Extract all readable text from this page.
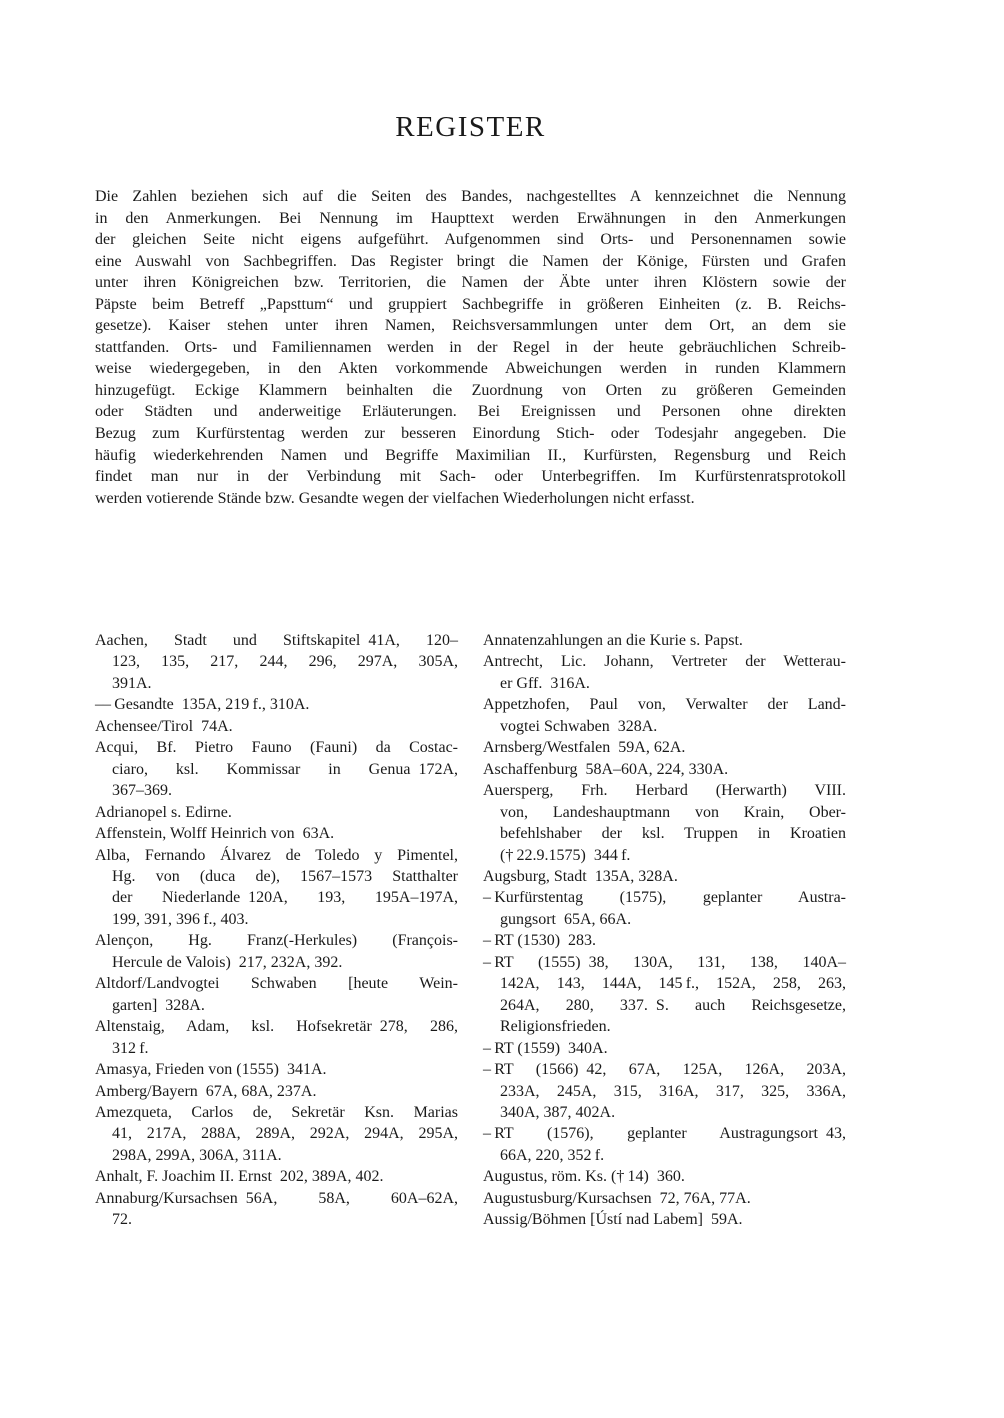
REGISTER
Die Zahlen beziehen sich auf die Seiten des Bandes, nachgestelltes A kennzeichnet die Nennung
in den Anmerkungen. Bei Nennung im Haupttext werden Erwähnungen in den Anmerkungen
der gleichen Seite nicht eigens aufgeführt. Aufgenommen sind Orts- und Personennamen sowie
eine Auswahl von Sachbegriffen. Das Register bringt die Namen der Könige, Fürsten und Grafen
unter ihren Königreichen bzw. Territorien, die Namen der Äbte unter ihren Klöstern sowie der
Päpste beim Betreff „Papsttum“ und gruppiert Sachbegriffe in größeren Einheiten (z. B. Reichs-
gesetze). Kaiser stehen unter ihren Namen, Reichsversammlungen unter dem Ort, an dem sie
stattfanden. Orts- und Familiennamen werden in der Regel in der heute gebräuchlichen Schreib-
weise wiedergegeben, in den Akten vorkommende Abweichungen werden in runden Klammern
hinzugefügt. Eckige Klammern beinhalten die Zuordnung von Orten zu größeren Gemeinden
oder Städten und anderweitige Erläuterungen. Bei Ereignissen und Personen ohne direkten
Bezug zum Kurfürstentag werden zur besseren Einordung Stich- oder Todesjahr angegeben. Die
häufig wiederkehrenden Namen und Begriffe Maximilian II., Kurfürsten, Regensburg und Reich
findet man nur in der Verbindung mit Sach- oder Unterbegriffen. Im Kurfürstenratsprotokoll
werden votierende Stände bzw. Gesandte wegen der vielfachen Wiederholungen nicht erfasst.
Aachen, Stadt und Stiftskapitel 41A, 120–
123, 135, 217, 244, 296, 297A, 305A,
391A.
–– Gesandte 135A, 219 f., 310A.
Achensee/Tirol 74A.
Acqui, Bf. Pietro Fauno (Fauni) da Costac-
ciaro, ksl. Kommissar in Genua 172A,
367–369.
Adrianopel s. Edirne.
Affenstein, Wolff Heinrich von 63A.
Alba, Fernando Álvarez de Toledo y Pimentel,
Hg. von (duca de), 1567–1573 Statthalter
der Niederlande 120A, 193, 195A–197A,
199, 391, 396 f., 403.
Alençon, Hg. Franz(-Herkules) (François-
Hercule de Valois) 217, 232A, 392.
Altdorf/Landvogtei Schwaben [heute Wein-
garten] 328A.
Altenstaig, Adam, ksl. Hofsekretär 278, 286,
312 f.
Amasya, Frieden von (1555) 341A.
Amberg/Bayern 67A, 68A, 237A.
Amezqueta, Carlos de, Sekretär Ksn. Marias
41, 217A, 288A, 289A, 292A, 294A, 295A,
298A, 299A, 306A, 311A.
Anhalt, F. Joachim II. Ernst 202, 389A, 402.
Annaburg/Kursachsen 56A, 58A, 60A–62A,
72.
Annatenzahlungen an die Kurie s. Papst.
Antrecht, Lic. Johann, Vertreter der Wetterau-
er Gff. 316A.
Appetzhofen, Paul von, Verwalter der Land-
vogtei Schwaben 328A.
Arnsberg/Westfalen 59A, 62A.
Aschaffenburg 58A–60A, 224, 330A.
Auersperg, Frh. Herbard (Herwarth) VIII.
von, Landeshauptmann von Krain, Ober-
befehlshaber der ksl. Truppen in Kroatien
(† 22.9.1575) 344 f.
Augsburg, Stadt 135A, 328A.
– Kurfürstentag (1575), geplanter Austra-
gungsort 65A, 66A.
– RT (1530) 283.
– RT (1555) 38, 130A, 131, 138, 140A–
142A, 143, 144A, 145 f., 152A, 258, 263,
264A, 280, 337. S. auch Reichsgesetze,
Religionsfrieden.
– RT (1559) 340A.
– RT (1566) 42, 67A, 125A, 126A, 203A,
233A, 245A, 315, 316A, 317, 325, 336A,
340A, 387, 402A.
– RT (1576), geplanter Austragungsort 43,
66A, 220, 352 f.
Augustus, röm. Ks. († 14) 360.
Augustusburg/Kursachsen 72, 76A, 77A.
Aussig/Böhmen [Ústí nad Labem] 59A.
